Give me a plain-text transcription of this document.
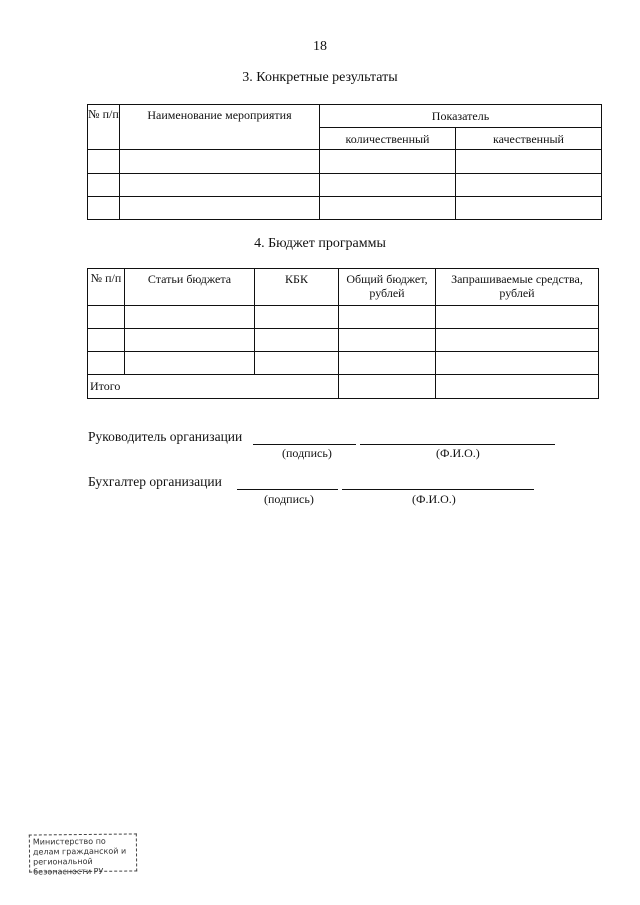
18
3. Конкретные результаты
№ п/п	Наименование мероприятия	Показатель	
		количественный	качественный

4. Бюджет программы
№ п/п	Статьи бюджета	КБК	Общий бюджет, рублей	Запрашиваемые средства, рублей

Итого				
Руководитель организации
(подпись)	(Ф.И.О.)
Бухгалтер организации
(подпись)	(Ф.И.О.)
Министерство по делам гражданской и региональной безопасности РУ
